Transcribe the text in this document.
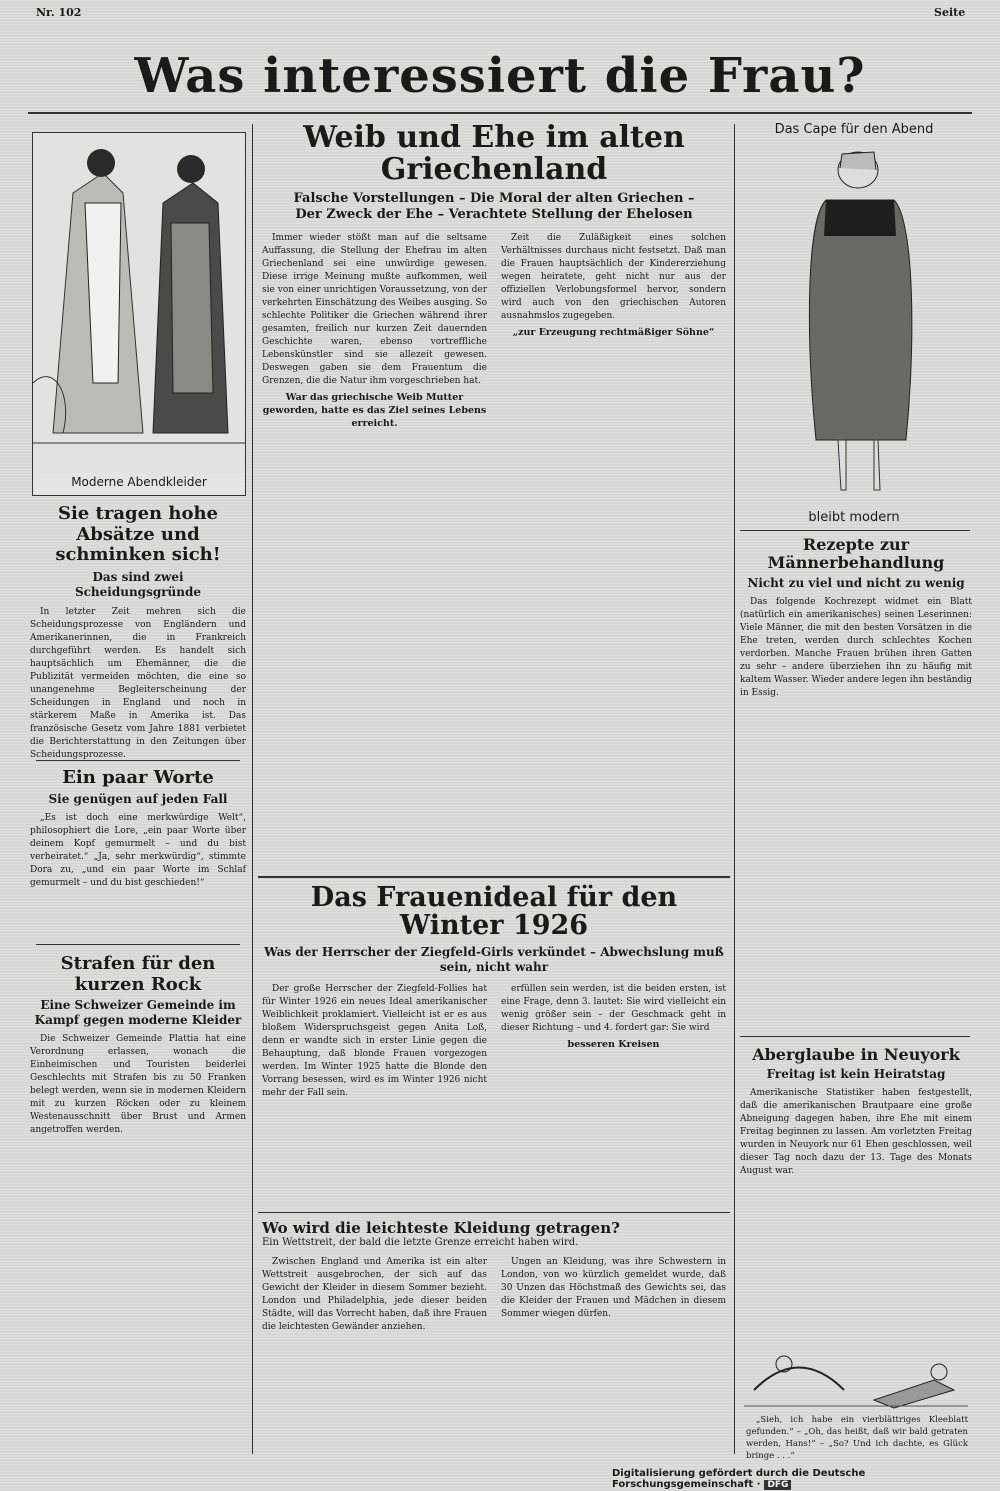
Nr. 102	Seite
Was interessiert die Frau?
Moderne Abendkleider
Sie tragen hohe Absätze und schminken sich!
Das sind zwei Scheidungsgründe

In letzter Zeit mehren sich die Scheidungsprozesse von Engländern und Amerikanerinnen, die in Frankreich durchgeführt werden. Es handelt sich hauptsächlich um Ehemänner, die die Publizität vermeiden möchten, die eine so unangenehme Begleiterscheinung der Scheidungen in England und noch in stärkerem Maße in Amerika ist. Das französische Gesetz vom Jahre 1881 verbietet die Berichterstattung in den Zeitungen über Scheidungsprozesse.

Ein paar Worte
Sie genügen auf jeden Fall

„Es ist doch eine merkwürdige Welt“, philosophiert die Lore, „ein paar Worte über deinem Kopf gemurmelt – und du bist verheiratet.“ „Ja, sehr merkwürdig“, stimmte Dora zu, „und ein paar Worte im Schlaf gemurmelt – und du bist geschieden!“

Strafen für den kurzen Rock
Eine Schweizer Gemeinde im Kampf gegen moderne Kleider

Die Schweizer Gemeinde Plattia hat eine Verordnung erlassen, wonach die Einheimischen und Touristen beiderlei Geschlechts mit Strafen bis zu 50 Franken belegt werden, wenn sie in modernen Kleidern mit zu kurzen Röcken oder zu kleinem Westenausschnitt über Brust und Armen angetroffen werden.

Weib und Ehe im alten Griechenland
Falsche Vorstellungen – Die Moral der alten Griechen – Der Zweck der Ehe – Verachtete Stellung der Ehelosen

Immer wieder stößt man auf die seltsame Auffassung, die Stellung der Ehefrau im alten Griechenland sei eine unwürdige gewesen. Diese irrige Meinung mußte aufkommen, weil sie von einer unrichtigen Voraussetzung, von der verkehrten Einschätzung des Weibes ausging. So schlechte Politiker die Griechen während ihrer gesamten, freilich nur kurzen Zeit dauernden Geschichte waren, ebenso vortreffliche Lebenskünstler sind sie allezeit gewesen. Deswegen gaben sie dem Frauentum die Grenzen, die die Natur ihm vorgeschrieben hat.

War das griechische Weib Mutter geworden, hatte es das Ziel seines Lebens erreicht.

Zeit die Zuläßigkeit eines solchen Verhältnisses durchaus nicht festsetzt. Daß man die Frauen hauptsächlich der Kindererziehung wegen heiratete, geht nicht nur aus der offiziellen Verlobungsformel hervor, sondern wird auch von den griechischen Autoren ausnahmslos zugegeben.

„zur Erzeugung rechtmäßiger Söhne“
Das Frauenideal für den Winter 1926
Was der Herrscher der Ziegfeld-Girls verkündet – Abwechslung muß sein, nicht wahr

Der große Herrscher der Ziegfeld-Follies hat für Winter 1926 ein neues Ideal amerikanischer Weiblichkeit proklamiert. Vielleicht ist er es aus bloßem Widerspruchsgeist gegen Anita Loß, denn er wandte sich in erster Linie gegen die Behauptung, daß blonde Frauen vorgezogen werden. Im Winter 1925 hatte die Blonde den Vorrang besessen, wird es im Winter 1926 nicht mehr der Fall sein.

erfüllen sein werden, ist die beiden ersten, ist eine Frage, denn 3. lautet: Sie wird vielleicht ein wenig größer sein – der Geschmack geht in dieser Richtung – und 4. fordert gar: Sie wird

besseren Kreisen
Wo wird die leichteste Kleidung getragen?
Ein Wettstreit, der bald die letzte Grenze erreicht haben wird.

Zwischen England und Amerika ist ein alter Wettstreit ausgebrochen, der sich auf das Gewicht der Kleider in diesem Sommer bezieht. London und Philadelphia, jede dieser beiden Städte, will das Vorrecht haben, daß ihre Frauen die leichtesten Gewänder anziehen.

Ungen an Kleidung, was ihre Schwestern in London, von wo kürzlich gemeldet wurde, daß 30 Unzen das Höchstmaß des Gewichts sei, das die Kleider der Frauen und Mädchen in diesem Sommer wiegen dürfen.

Das Cape für den Abend
bleibt modern
Rezepte zur Männerbehandlung
Nicht zu viel und nicht zu wenig

Das folgende Kochrezept widmet ein Blatt (natürlich ein amerikanisches) seinen Leserinnen: Viele Männer, die mit den besten Vorsätzen in die Ehe treten, werden durch schlechtes Kochen verdorben. Manche Frauen brühen ihren Gatten zu sehr – andere überziehen ihn zu häufig mit kaltem Wasser. Wieder andere legen ihn beständig in Essig.

Aberglaube in Neuyork
Freitag ist kein Heiratstag

Amerikanische Statistiker haben festgestellt, daß die amerikanischen Brautpaare eine große Abneigung dagegen haben, ihre Ehe mit einem Freitag beginnen zu lassen. Am vorletzten Freitag wurden in Neuyork nur 61 Ehen geschlossen, weil dieser Tag noch dazu der 13. Tage des Monats August war.

„Sieh, ich habe ein vierblättriges Kleeblatt gefunden.“ – „Oh, das heißt, daß wir bald getraten werden, Hans!“ – „So? Und ich dachte, es Glück bringe . . .“

Digitalisierung gefördert durch die Deutsche Forschungsgemeinschaft · DFG
